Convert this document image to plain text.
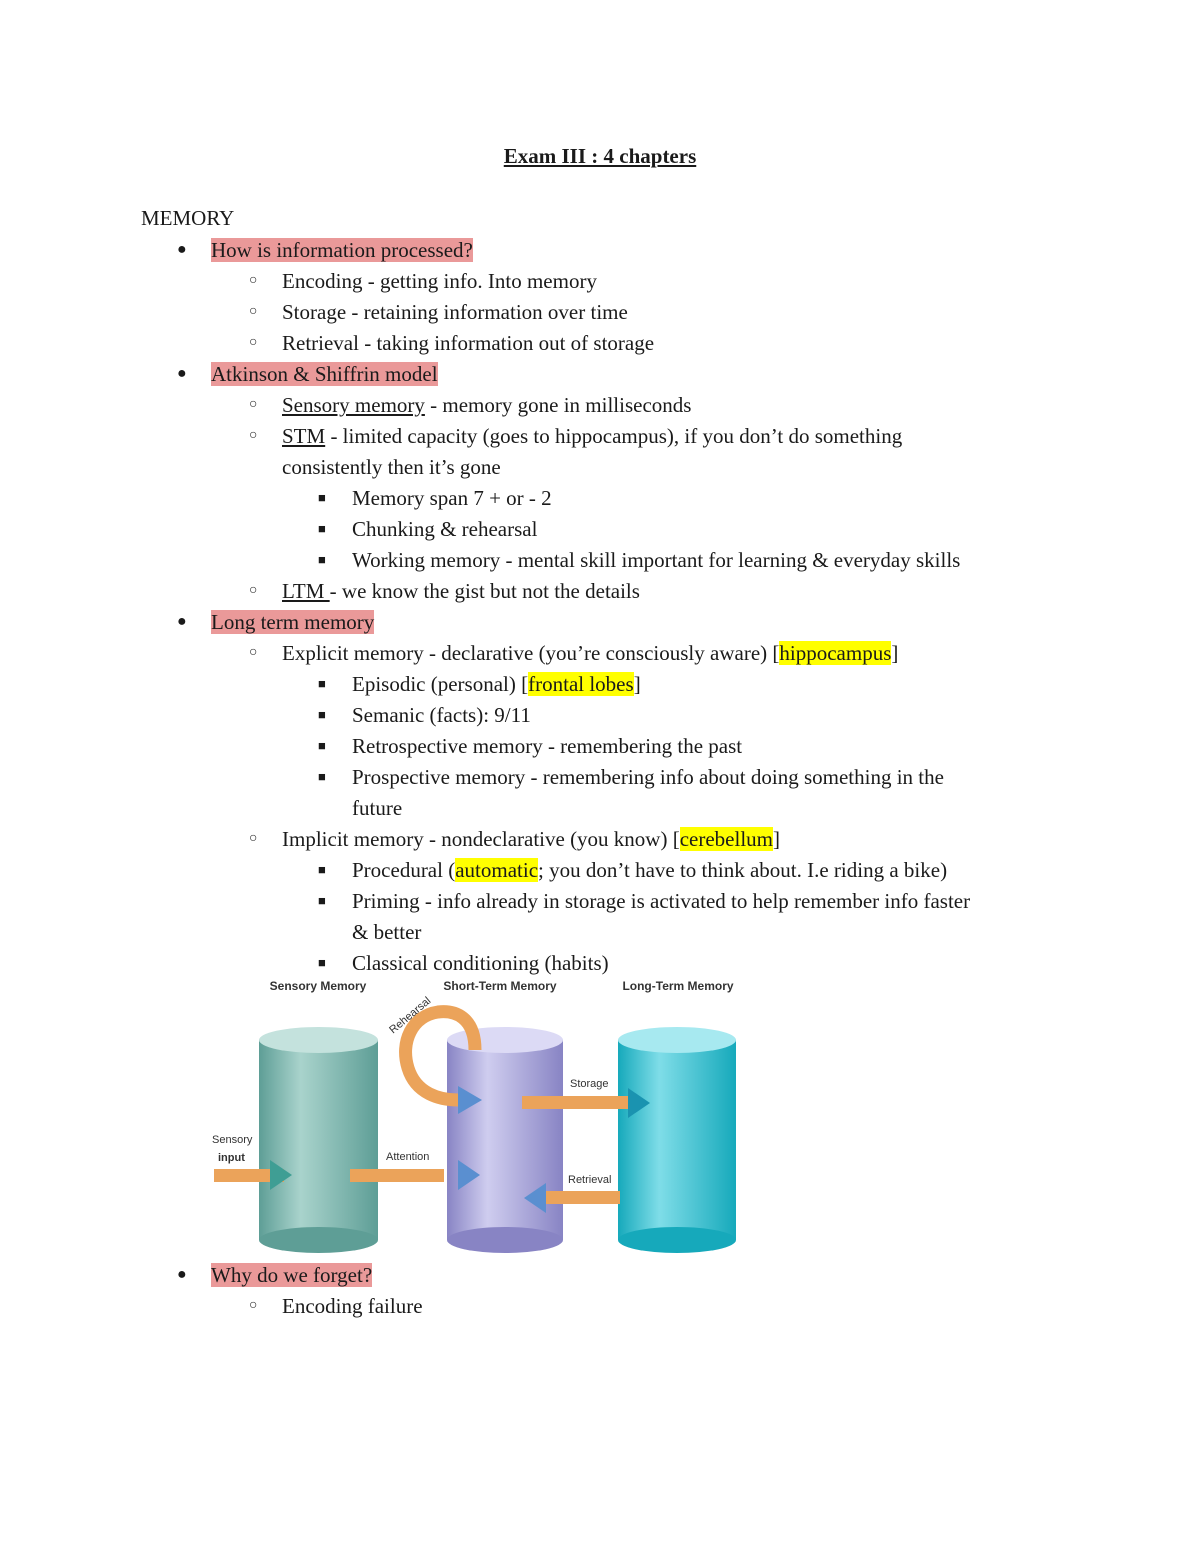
Exam III : 4 chapters
MEMORY
● How is information processed?
○ Encoding - getting info. Into memory
○ Storage - retaining information over time
○ Retrieval - taking information out of storage
● Atkinson & Shiffrin model
○ Sensory memory - memory gone in milliseconds
○ STM - limited capacity (goes to hippocampus), if you don’t do something
consistently then it’s gone
■ Memory span 7 + or - 2
■ Chunking & rehearsal
■ Working memory - mental skill important for learning & everyday skills
○ LTM - we know the gist but not the details
● Long term memory
○ Explicit memory - declarative (you’re consciously aware) [hippocampus]
■ Episodic (personal) [frontal lobes]
■ Semanic (facts): 9/11
■ Retrospective memory - remembering the past
■ Prospective memory - remembering info about doing something in the
future
○ Implicit memory - nondeclarative (you know) [cerebellum]
■ Procedural (automatic; you don’t have to think about. I.e riding a bike)
■ Priming - info already in storage is activated to help remember info faster
& better
■ Classical conditioning (habits)
Sensory Memory	Short-Term Memory	Long-Term Memory
Rehearsal
Sensory
input	Attention
Storage
Retrieval
● Why do we forget?
○ Encoding failure
